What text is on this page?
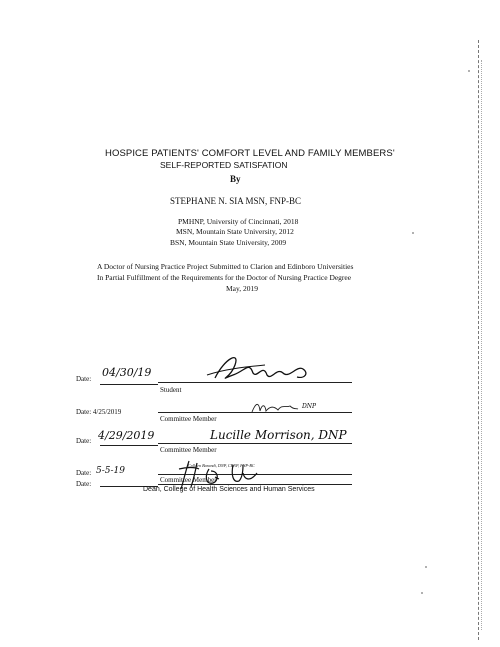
HOSPICE PATIENTS' COMFORT LEVEL AND FAMILY MEMBERS'
SELF-REPORTED SATISFATION
By
STEPHANE N. SIA MSN, FNP-BC
PMHNP, University of Cincinnati, 2018
MSN, Mountain State University, 2012
BSN, Mountain State University, 2009
A Doctor of Nursing Practice Project Submitted to Clarion and Edinboro Universities
In Partial Fulfillment of the Requirements for the Doctor of Nursing Practice Degree
May, 2019
Date: 04/30/19
Student
Date: 4/25/2019
DNP
Committee Member
Date: 4/29/2019	Lucille Morrison, DNP
Committee Member
Date:
Colleen Barandi, DNP, CRNP, FNP-BC
Committee Member
Date:
5-5-19
Dean, College of Health Sciences and Human Services
